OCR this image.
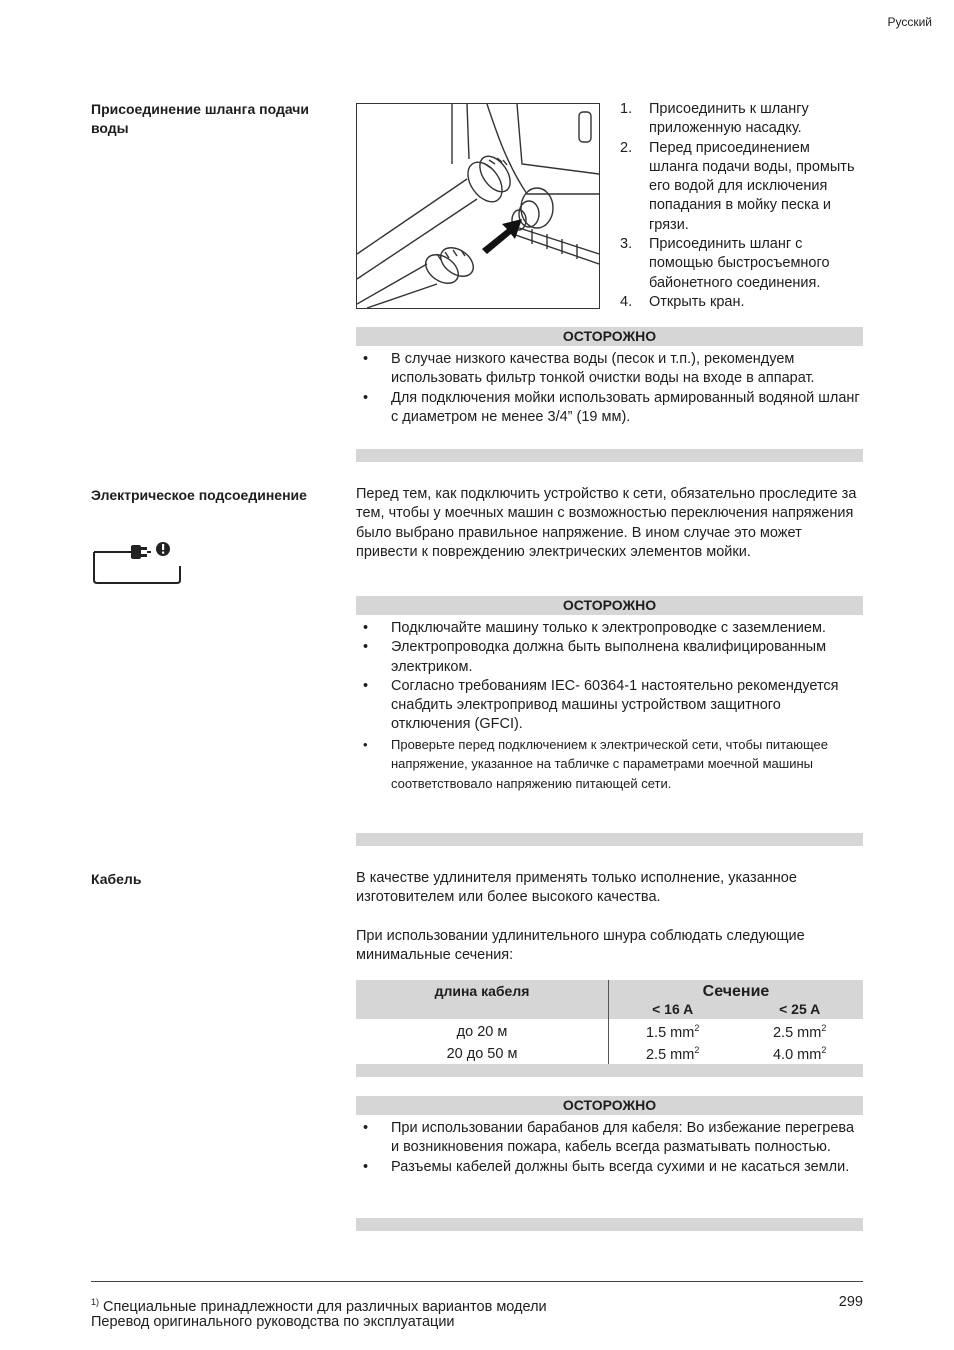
Русский
Присоединение шланга подачи воды
1. Присоединить к шлангу приложенную насадку.
2. Перед присоединением шланга подачи воды, промыть его водой для исключения попадания в мойку песка и грязи.
3. Присоединить шланг с помощью быстросъемного байонетного соединения.
4. Открыть кран.
ОСТОРОЖНО
• В случае низкого качества воды (песок и т.п.), рекомендуем использовать фильтр тонкой очистки воды на входе в аппарат.
• Для подключения мойки использовать армированный водяной шланг с диаметром не менее 3/4” (19 мм).
Электрическое подсоединение	Перед тем, как подключить устройство к сети, обязательно проследите за тем, чтобы у моечных машин с возможностью переключения напряжения было выбрано правильное напряжение. В ином случае это может привести к повреждению электрических элементов мойки.
ОСТОРОЖНО
• Подключайте машину только к электропроводке с заземлением.
• Электропроводка должна быть выполнена квалифицированным электриком.
• Согласно требованиям IEC- 60364-1 настоятельно рекомендуется снабдить электропривод машины устройством защитного отключения (GFCI).
• Проверьте перед подключением к электрической сети, чтобы питающее напряжение, указанное на табличке с параметрами моечной машины соответствовало напряжению питающей сети.
Кабель	В качестве удлинителя применять только исполнение, указанное изготовителем или более высокого качества.
При использовании удлинительного шнура соблюдать следующие минимальные сечения:
длина кабеля	Сечение	
	< 16 A	< 25 A
до 20 м	1.5 $mm^2$	2.5 $mm^2$
20 до 50 м	2.5 $mm^2$	4.0 $mm^2$
ОСТОРОЖНО
• При использовании барабанов для кабеля: Во избежание перегрева и возникновения пожара, кабель всегда разматывать полностью.
• Разъемы кабелей должны быть всегда сухими и не касаться земли.
$^{1)}$ Специальные принадлежности для различных вариантов модели	299
Перевод оригинального руководства по эксплуатации
